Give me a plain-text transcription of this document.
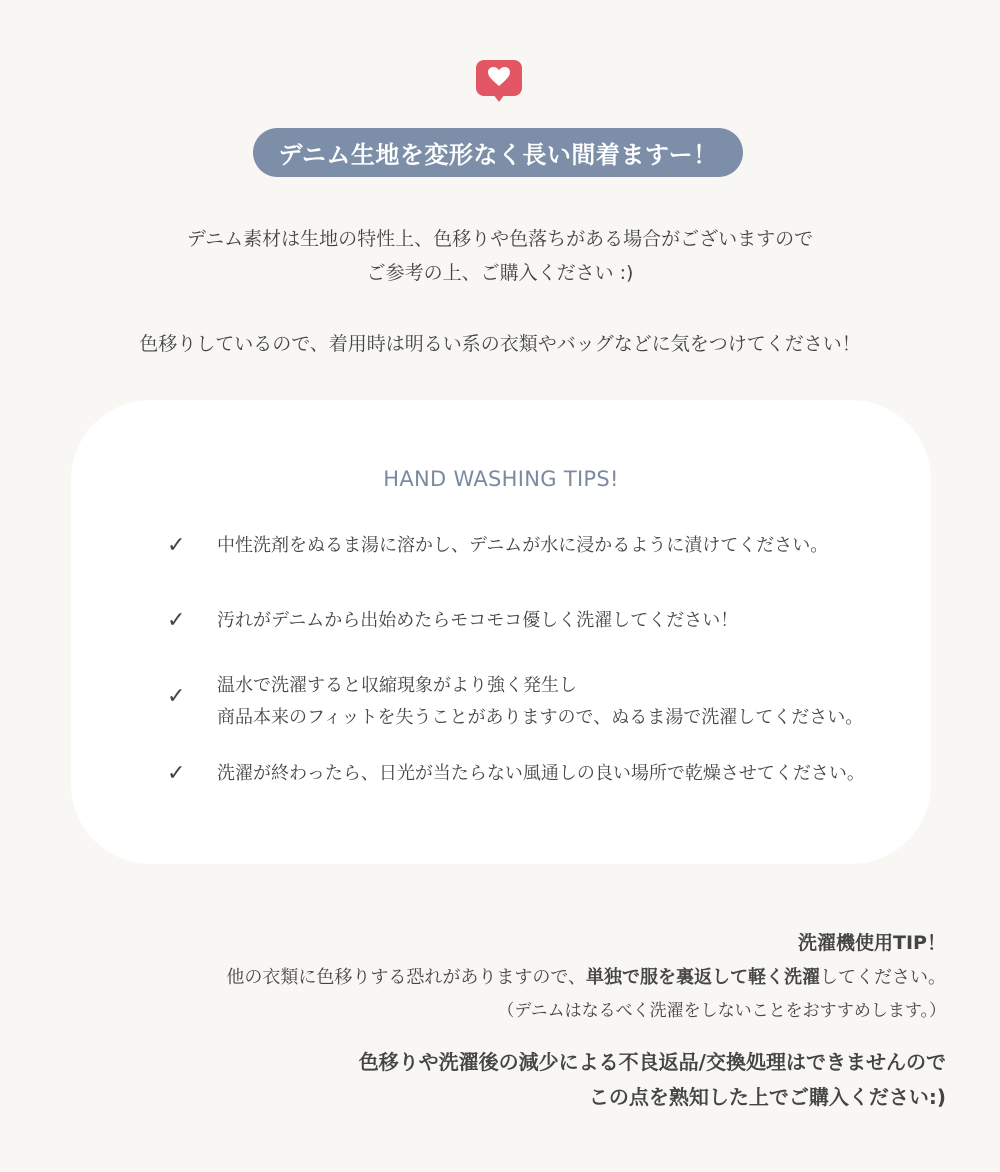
デニム生地を変形なく長い間着ますー！
デニム素材は生地の特性上、色移りや色落ちがある場合がございますので
ご参考の上、ご購入ください :)
色移りしているので、着用時は明るい系の衣類やバッグなどに気をつけてください！
HAND WASHING TIPS!
✓ 中性洗剤をぬるま湯に溶かし、デニムが水に浸かるように漬けてください。
✓ 汚れがデニムから出始めたらモコモコ優しく洗濯してください！
✓ 温水で洗濯すると収縮現象がより強く発生し
商品本来のフィットを失うことがありますので、ぬるま湯で洗濯してください。
✓ 洗濯が終わったら、日光が当たらない風通しの良い場所で乾燥させてください。
洗濯機使用TIP！
他の衣類に色移りする恐れがありますので、単独で服を裏返して軽く洗濯してください。
（デニムはなるべく洗濯をしないことをおすすめします。）
色移りや洗濯後の減少による不良返品/交換処理はできませんので
この点を熟知した上でご購入ください:)
